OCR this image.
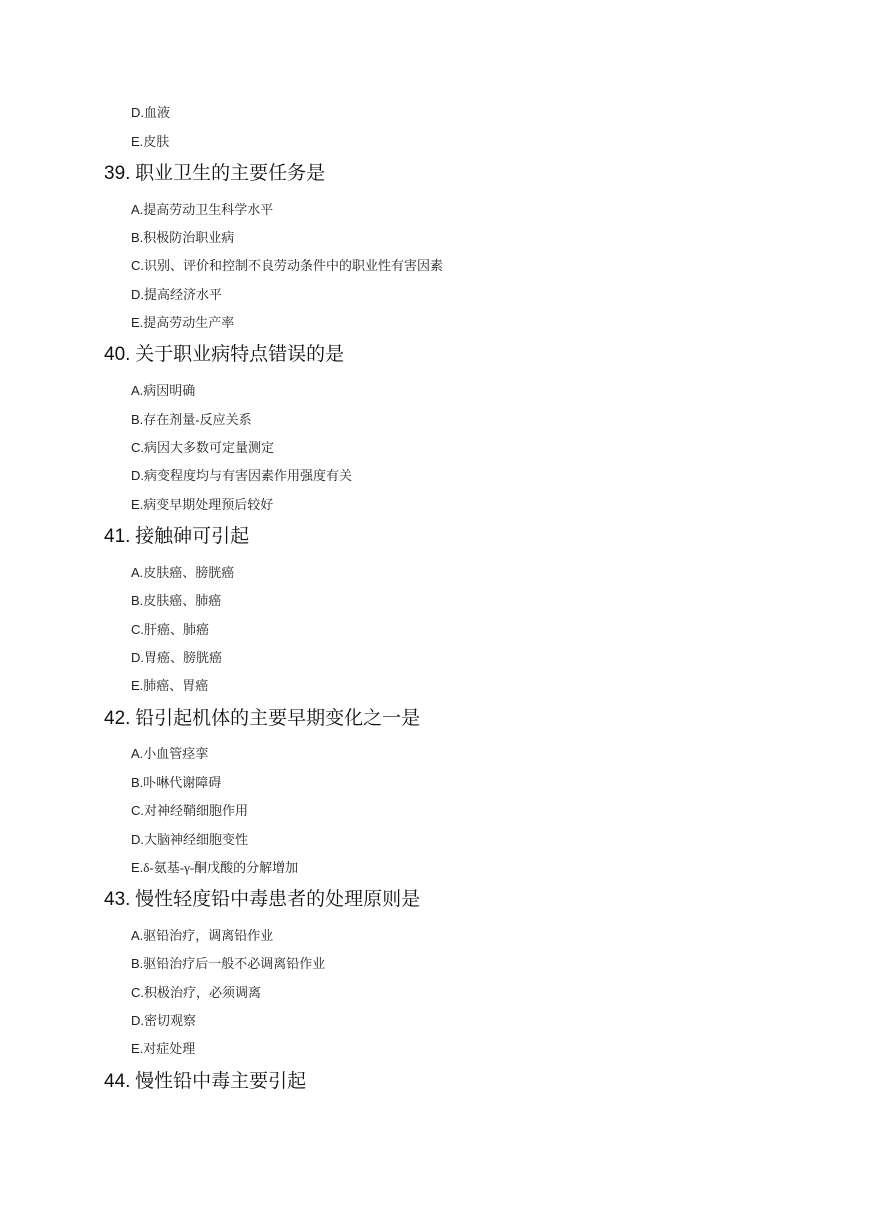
D.血液
E.皮肤
39. 职业卫生的主要任务是
A.提高劳动卫生科学水平
B.积极防治职业病
C.识别、评价和控制不良劳动条件中的职业性有害因素
D.提高经济水平
E.提高劳动生产率
40. 关于职业病特点错误的是
A.病因明确
B.存在剂量-反应关系
C.病因大多数可定量测定
D.病变程度均与有害因素作用强度有关
E.病变早期处理预后较好
41. 接触砷可引起
A.皮肤癌、膀胱癌
B.皮肤癌、肺癌
C.肝癌、肺癌
D.胃癌、膀胱癌
E.肺癌、胃癌
42. 铅引起机体的主要早期变化之一是
A.小血管痉挛
B.卟啉代谢障碍
C.对神经鞘细胞作用
D.大脑神经细胞变性
E.δ-氨基-γ-酮戊酸的分解增加
43. 慢性轻度铅中毒患者的处理原则是
A.驱铅治疗，调离铅作业
B.驱铅治疗后一般不必调离铅作业
C.积极治疗，必须调离
D.密切观察
E.对症处理
44. 慢性铅中毒主要引起
